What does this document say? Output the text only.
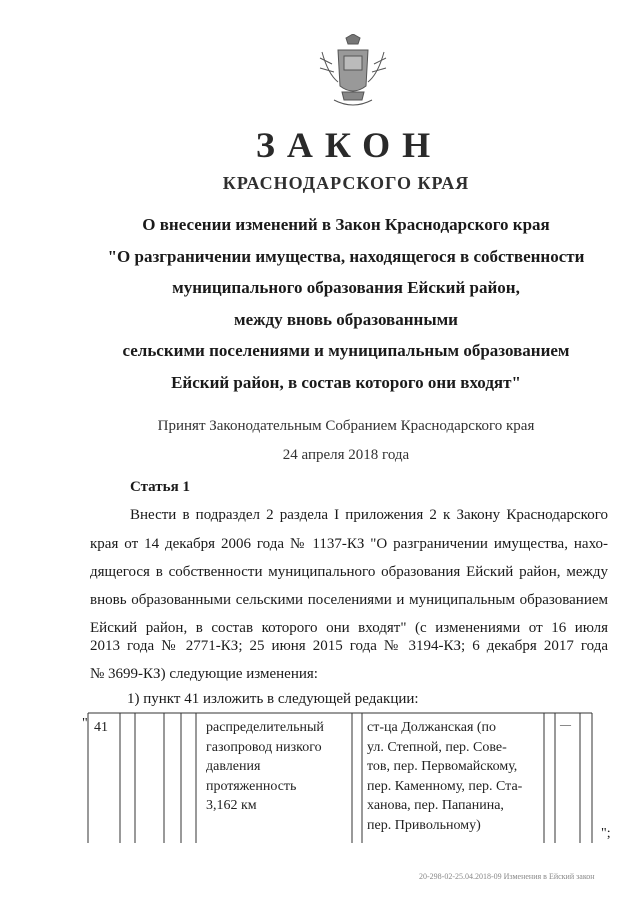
ЗАКОН
КРАСНОДАРСКОГО КРАЯ
О внесении изменений в Закон Краснодарского края
"О разграничении имущества, находящегося в собственности
муниципального образования Ейский район,
между вновь образованными
сельскими поселениями и муниципальным образованием
Ейский район, в состав которого они входят"
Принят Законодательным Собранием Краснодарского края
24 апреля 2018 года
Статья 1
Внести в подраздел 2 раздела I приложения 2 к Закону Краснодарского
края от 14 декабря 2006 года № 1137-КЗ "О разграничении имущества, нахо-
дящегося в собственности муниципального образования Ейский район, между
вновь образованными сельскими поселениями и муниципальным образованием
Ейский район, в состав которого они входят" (с изменениями от 16 июля
2013 года № 2771-КЗ; 25 июня 2015 года № 3194-КЗ; 6 декабря 2017 года
№ 3699-КЗ) следующие изменения:
1) пункт 41 изложить в следующей редакции:
" 41	распределительный
газопровод низкого
давления
протяженность
3,162 км
ст-ца Должанская (по
ул. Степной, пер. Сове-
тов, пер. Первомайскому,
пер. Каменному, пер. Ста-
ханова, пер. Папанина,
пер. Привольному)
—
";
20-298-02-25.04.2018-09 Изменения в Ейский закон
